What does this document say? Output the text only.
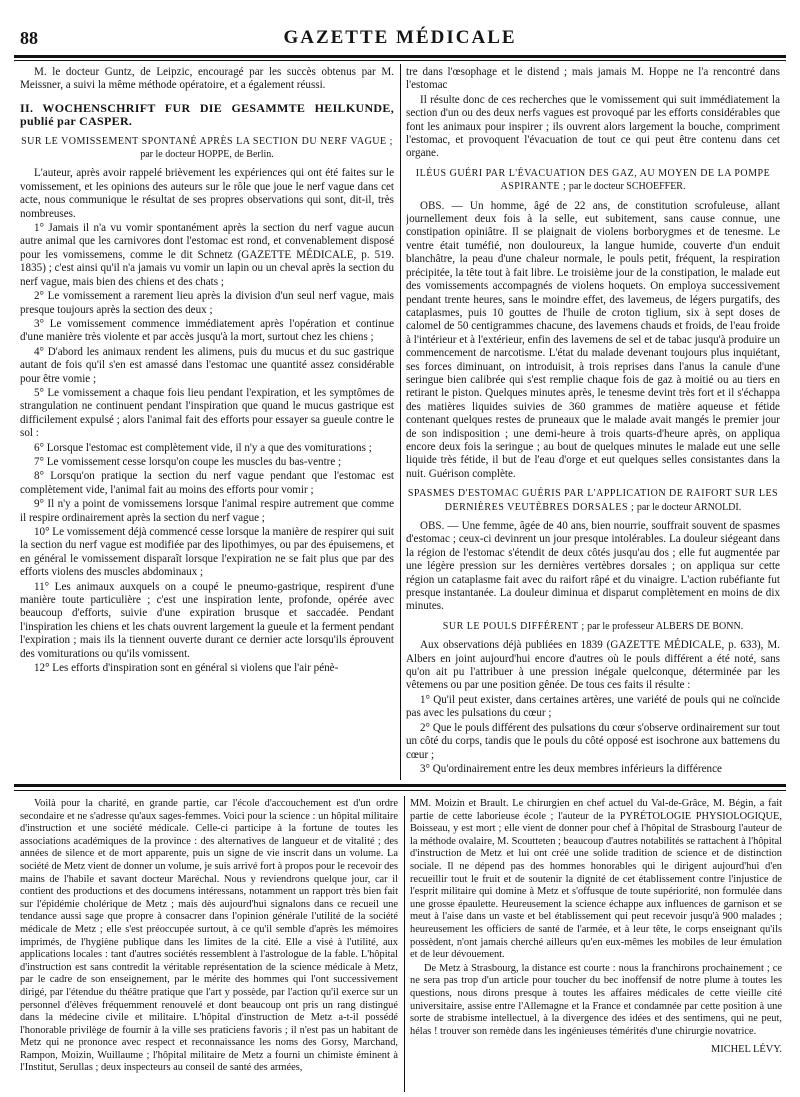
88	GAZETTE MÉDICALE

M. le docteur Guntz, de Leipzic, encouragé par les succès obtenus par M. Meissner, a suivi la même méthode opératoire, et a également réussi.

II. WOCHENSCHRIFT FUR DIE GESAMMTE HEILKUNDE, publié par CASPER.

SUR LE VOMISSEMENT SPONTANÉ APRÈS LA SECTION DU NERF VAGUE ; par le docteur HOPPE, de Berlin.

L'auteur, après avoir rappelé brièvement les expériences qui ont été faites sur le vomissement, et les opinions des auteurs sur le rôle que joue le nerf vague dans cet acte, nous communique le résultat de ses propres observations qui sont, dit-il, très nombreuses.

1° Jamais il n'a vu vomir spontanément après la section du nerf vague aucun autre animal que les carnivores dont l'estomac est rond, et convenablement disposé pour les vomissemens, comme le dit Schnetz (GAZETTE MÉDICALE, p. 519. 1835) ; c'est ainsi qu'il n'a jamais vu vomir un lapin ou un cheval après la section du nerf vague, mais bien des chiens et des chats ;

2° Le vomissement a rarement lieu après la division d'un seul nerf vague, mais presque toujours après la section des deux ;

3° Le vomissement commence immédiatement après l'opération et continue d'une manière très violente et par accès jusqu'à la mort, surtout chez les chiens ;

4° D'abord les animaux rendent les alimens, puis du mucus et du suc gastrique autant de fois qu'il s'en est amassé dans l'estomac une quantité assez considérable pour être vomie ;

5° Le vomissement a chaque fois lieu pendant l'expiration, et les symptômes de strangulation ne continuent pendant l'inspiration que quand le mucus gastrique est difficilement expulsé ; alors l'animal fait des efforts pour essayer sa gueule contre le sol :

6° Lorsque l'estomac est complètement vide, il n'y a que des vomiturations ;

7° Le vomissement cesse lorsqu'on coupe les muscles du bas-ventre ;

8° Lorsqu'on pratique la section du nerf vague pendant que l'estomac est complètement vide, l'animal fait au moins des efforts pour vomir ;

9° Il n'y a point de vomissemens lorsque l'animal respire autrement que comme il respire ordinairement après la section du nerf vague ;

10° Le vomissement déjà commencé cesse lorsque la manière de respirer qui suit la section du nerf vague est modifiée par des lipothimyes, ou par des épuisemens, et en général le vomissement disparaît lorsque l'expiration ne se fait plus que par des efforts violens des muscles abdominaux ;

11° Les animaux auxquels on a coupé le pneumo-gastrique, respirent d'une manière toute particulière ; c'est une inspiration lente, profonde, opérée avec beaucoup d'efforts, suivie d'une expiration brusque et saccadée. Pendant l'inspiration les chiens et les chats ouvrent largement la gueule et la ferment pendant l'expiration ; mais ils la tiennent ouverte durant ce dernier acte lorsqu'ils éprouvent des vomiturations ou qu'ils vomissent.

12° Les efforts d'inspiration sont en général si violens que l'air pénè-

tre dans l'œsophage et le distend ; mais jamais M. Hoppe ne l'a rencontré dans l'estomac

Il résulte donc de ces recherches que le vomissement qui suit immédiatement la section d'un ou des deux nerfs vagues est provoqué par les efforts considérables que font les animaux pour inspirer ; ils ouvrent alors largement la bouche, compriment l'estomac, et provoquent l'évacuation de tout ce qui peut être contenu dans cet organe.

ILÉUS GUÉRI PAR L'ÉVACUATION DES GAZ, AU MOYEN DE LA POMPE ASPIRANTE ; par le docteur SCHOEFFER.

OBS. — Un homme, âgé de 22 ans, de constitution scrofuleuse, allant journellement deux fois à la selle, eut subitement, sans cause connue, une constipation opiniâtre. Il se plaignait de violens borborygmes et de tenesme. Le ventre était tuméfié, non douloureux, la langue humide, couverte d'un enduit blanchâtre, la peau d'une chaleur normale, le pouls petit, fréquent, la respiration précipitée, la tête tout à fait libre. Le troisième jour de la constipation, le malade eut des vomissements accompagnés de violens hoquets. On employa successivement pendant trente heures, sans le moindre effet, des lavemeus, de légers purgatifs, des cataplasmes, puis 10 gouttes de l'huile de croton tiglium, six à sept doses de calomel de 50 centigrammes chacune, des lavemens chauds et froids, de l'eau froide à l'intérieur et à l'extérieur, enfin des lavemens de sel et de tabac jusqu'à produire un commencement de narcotisme. L'état du malade devenant toujours plus inquiétant, ses forces diminuant, on introduisit, à trois reprises dans l'anus la canule d'une seringue bien calibrée qui s'est remplie chaque fois de gaz à moitié ou au tiers en retirant le piston. Quelques minutes après, le tenesme devint très fort et il s'échappa des matières liquides suivies de 360 grammes de matière aqueuse et fétide contenant quelques restes de pruneaux que le malade avait mangés le premier jour de son indisposition ; une demi-heure à trois quarts-d'heure après, on appliqua encore deux fois la seringue ; au bout de quelques minutes le malade eut une selle liquide très fétide, il but de l'eau d'orge et eut quelques selles consistantes dans la nuit. Guérison complète.

SPASMES D'ESTOMAC GUÉRIS PAR L'APPLICATION DE RAIFORT SUR LES DERNIÈRES VEUTÈBRES DORSALES ; par le docteur ARNOLDI.

OBS. — Une femme, âgée de 40 ans, bien nourrie, souffrait souvent de spasmes d'estomac ; ceux-ci devinrent un jour presque intolérables. La douleur siégeant dans la région de l'estomac s'étendit de deux côtés jusqu'au dos ; elle fut augmentée par une légère pression sur les dernières vertèbres dorsales ; on appliqua sur cette région un cataplasme fait avec du raifort râpé et du vinaigre. L'action rubéfiante fut presque instantanée. La douleur diminua et disparut complètement en moins de dix minutes.

SUR LE POULS DIFFÉRENT ; par le professeur ALBERS DE BONN.

Aux observations déjà publiées en 1839 (GAZETTE MÉDICALE, p. 633), M. Albers en joint aujourd'hui encore d'autres où le pouls différent a été noté, sans qu'on ait pu l'attribuer à une pression inégale quelconque, déterminée par les vêtemens ou par une position gênée. De tous ces faits il résulte :

1° Qu'il peut exister, dans certaines artères, une variété de pouls qui ne coïncide pas avec les pulsations du cœur ;

2° Que le pouls différent des pulsations du cœur s'observe ordinairement sur tout un côté du corps, tandis que le pouls du côté opposé est isochrone aux battemens du cœur ;

3° Qu'ordinairement entre les deux membres inférieurs la différence

Voilà pour la charité, en grande partie, car l'école d'accouchement est d'un ordre secondaire et ne s'adresse qu'aux sages-femmes. Voici pour la science : un hôpital militaire d'instruction et une société médicale. Celle-ci participe à la fortune de toutes les associations académiques de la province : des alternatives de langueur et de vitalité ; des années de silence et de mort apparente, puis un signe de vie inscrit dans un volume. La société de Metz vient de donner un volume, je suis arrivé fort à propos pour le recevoir des mains de l'habile et savant docteur Maréchal. Nous y reviendrons quelque jour, car il contient des productions et des documens intéressans, notamment un rapport très bien fait sur l'épidémie cholérique de Metz ; mais dès aujourd'hui signalons dans ce recueil une tendance aussi sage que propre à consacrer dans l'opinion générale l'utilité de la société médicale de Metz ; elle s'est préoccupée surtout, à ce qu'il semble d'après les mémoires imprimés, de l'hygiène publique dans les limites de la cité. Elle a visé à l'utilité, aux applications locales : tant d'autres sociétés ressemblent à l'astrologue de la fable. L'hôpital d'instruction est sans contredit la véritable représentation de la science médicale à Metz, par le cadre de son enseignement, par le mérite des hommes qui l'ont successivement dirigé, par l'étendue du théâtre pratique que l'art y possède, par l'action qu'il exerce sur un personnel d'élèves fréquemment renouvelé et dont beaucoup ont pris un rang distingué dans la médecine civile et militaire. L'hôpital d'instruction de Metz a-t-il possédé l'honorable privilège de fournir à la ville ses praticiens favoris ; il n'est pas un habitant de Metz qui ne prononce avec respect et reconnaissance les noms des Gorsy, Marchand, Rampon, Moizin, Wuillaume ; l'hôpital militaire de Metz a fourni un chimiste éminent à l'Institut, Serullas ; deux inspecteurs au conseil de santé des armées,

MM. Moizin et Brault. Le chirurgien en chef actuel du Val-de-Grâce, M. Bégin, a fait partie de cette laborieuse école ; l'auteur de la PYRÉTOLOGIE PHYSIOLOGIQUE, Boisseau, y est mort ; elle vient de donner pour chef à l'hôpital de Strasbourg l'auteur de la méthode ovalaire, M. Scoutteten ; beaucoup d'autres notabilités se rattachent à l'hôpital d'instruction de Metz et lui ont créé une solide tradition de science et de distinction sociale. Il ne dépend pas des hommes honorables qui le dirigent aujourd'hui d'en recueillir tout le fruit et de soutenir la dignité de cet établissement contre l'injustice de l'esprit militaire qui domine à Metz et s'offusque de toute supériorité, non formulée dans une grosse épaulette. Heureusement la science échappe aux influences de garnison et se meut à l'aise dans un vaste et bel établissement qui peut recevoir jusqu'à 900 malades ; heureusement les officiers de santé de l'armée, et à leur tête, le corps enseignant qu'ils possèdent, n'ont jamais cherché ailleurs qu'en eux-mêmes les mobiles de leur émulation et de leur dévouement.

De Metz à Strasbourg, la distance est courte : nous la franchirons prochainement ; ce ne sera pas trop d'un article pour toucher du bec inoffensif de notre plume à toutes les questions, nous dirons presque à toutes les affaires médicales de cette vieille cité universitaire, assise entre l'Allemagne et la France et condamnée par cette position à une sorte de strabisme intellectuel, à la divergence des idées et des sentimens, qui ne peut, hélas ! trouver son remède dans les ingénieuses témérités d'une chirurgie novatrice.

MICHEL LÉVY.
